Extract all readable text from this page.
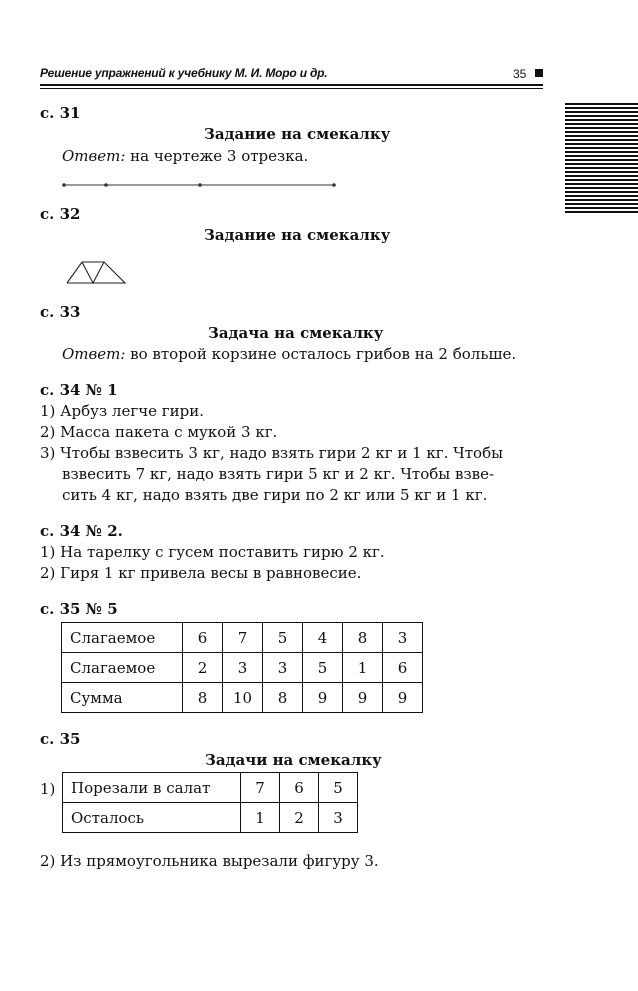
Решение упражнений к учебнику М. И. Моро и др.	35
с. 31
Задание на смекалку
Ответ: на чертеже 3 отрезка.
с. 32
Задание на смекалку
с. 33
Задача на смекалку
Ответ: во второй корзине осталось грибов на 2 больше.
с. 34 № 1
1) Арбуз легче гири.
2) Масса пакета с мукой 3 кг.
3) Чтобы взвесить 3 кг, надо взять гири 2 кг и 1 кг. Чтобы
взвесить 7 кг, надо взять гири 5 кг и 2 кг. Чтобы взве-
сить 4 кг, надо взять две гири по 2 кг или 5 кг и 1 кг.
с. 34 № 2.
1) На тарелку с гусем поставить гирю 2 кг.
2) Гиря 1 кг привела весы в равновесие.
с. 35 № 5
Слагаемое	6	7	5	4	8	3
Слагаемое	2	3	3	5	1	6
Сумма	8	10	8	9	9	9
с. 35
Задачи на смекалку
1) Порезали в салат	7	6	5
Осталось	1	2	3
2) Из прямоугольника вырезали фигуру 3.
